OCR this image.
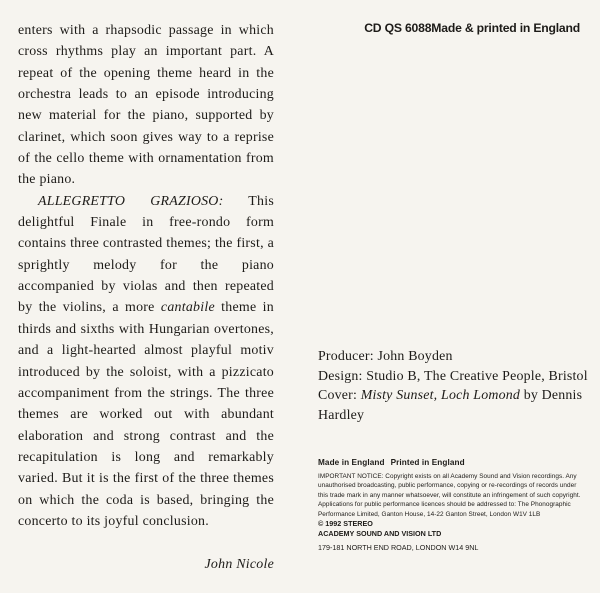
enters with a rhapsodic passage in which cross rhythms play an important part. A repeat of the opening theme heard in the orchestra leads to an episode introducing new material for the piano, supported by clarinet, which soon gives way to a reprise of the cello theme with ornamentation from the piano.

ALLEGRETTO GRAZIOSO: This delightful Finale in free-rondo form contains three contrasted themes; the first, a sprightly melody for the piano accompanied by violas and then repeated by the violins, a more cantabile theme in thirds and sixths with Hungarian overtones, and a light-hearted almost playful motiv introduced by the soloist, with a pizzicato accompaniment from the strings. The three themes are worked out with abundant elaboration and strong contrast and the recapitulation is long and remarkably varied. But it is the first of the three themes on which the coda is based, bringing the concerto to its joyful conclusion.

John Nicole

CD QS 6088Made & printed in England
Producer: John Boyden
Design: Studio B, The Creative People, Bristol
Cover: Misty Sunset, Loch Lomond by Dennis Hardley
Made in England Printed in England
IMPORTANT NOTICE: Copyright exists on all Academy Sound and Vision recordings. Any unauthorised broadcasting, public performance, copying or re-recordings of records under this trade mark in any manner whatsoever, will constitute an infringement of such copyright. Applications for public performance licences should be addressed to: The Phonographic Performance Limited, Ganton House, 14-22 Ganton Street, London W1V 1LB
© 1992 STEREO
ACADEMY SOUND AND VISION LTD
179-181 NORTH END ROAD, LONDON W14 9NL
